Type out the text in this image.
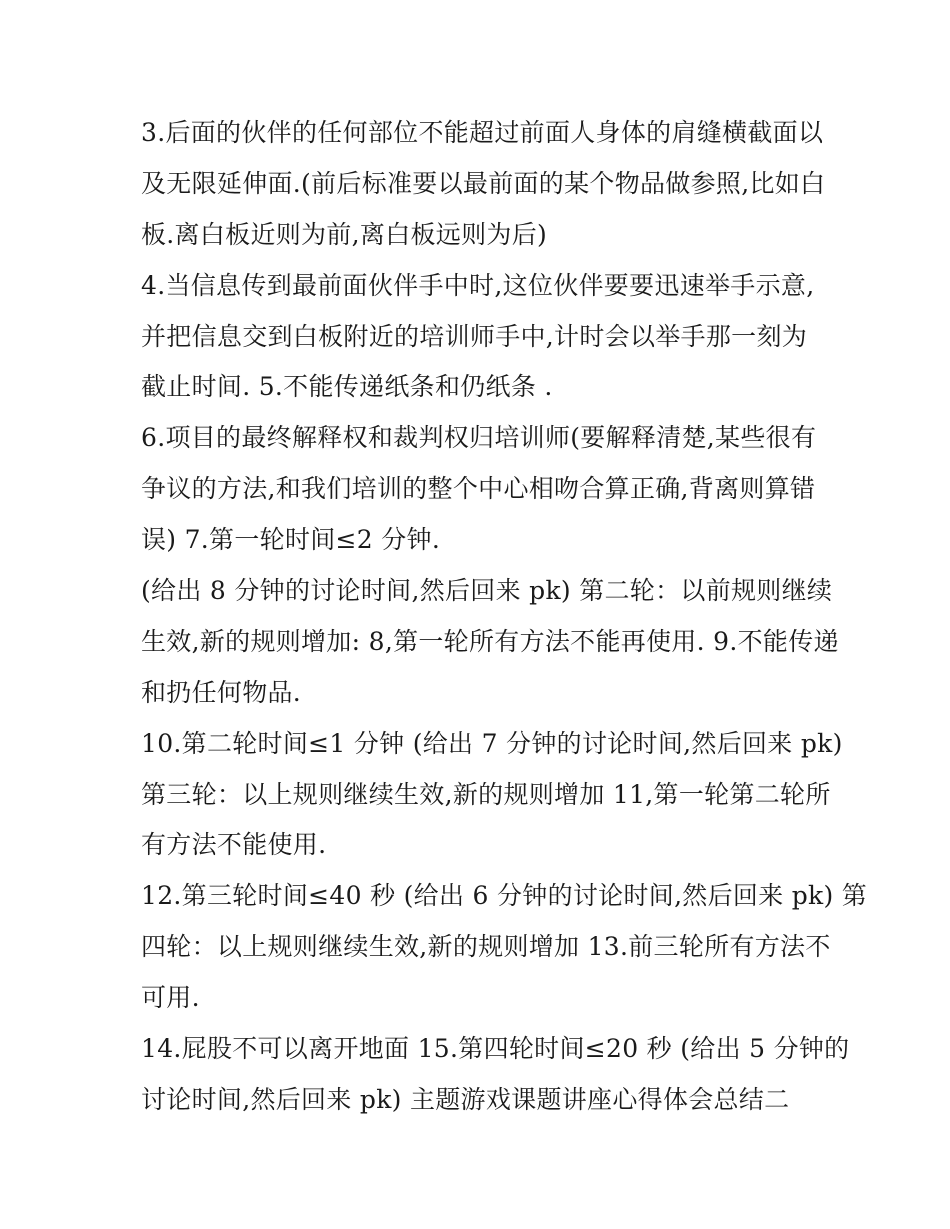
3.后面的伙伴的任何部位不能超过前面人身体的肩缝横截面以
及无限延伸面.(前后标准要以最前面的某个物品做参照,比如白
板.离白板近则为前,离白板远则为后)
4.当信息传到最前面伙伴手中时,这位伙伴要要迅速举手示意,
并把信息交到白板附近的培训师手中,计时会以举手那一刻为
截止时间. 5.不能传递纸条和仍纸条 .
6.项目的最终解释权和裁判权归培训师(要解释清楚,某些很有
争议的方法,和我们培训的整个中心相吻合算正确,背离则算错
误) 7.第一轮时间≤2 分钟.
(给出 8 分钟的讨论时间,然后回来 pk) 第二轮：以前规则继续
生效,新的规则增加: 8,第一轮所有方法不能再使用. 9.不能传递
和扔任何物品.
10.第二轮时间≤1 分钟 (给出 7 分钟的讨论时间,然后回来 pk)
第三轮：以上规则继续生效,新的规则增加 11,第一轮第二轮所
有方法不能使用.
12.第三轮时间≤40 秒 (给出 6 分钟的讨论时间,然后回来 pk) 第
四轮：以上规则继续生效,新的规则增加 13.前三轮所有方法不
可用.
14.屁股不可以离开地面 15.第四轮时间≤20 秒 (给出 5 分钟的
讨论时间,然后回来 pk) 主题游戏课题讲座心得体会总结二
